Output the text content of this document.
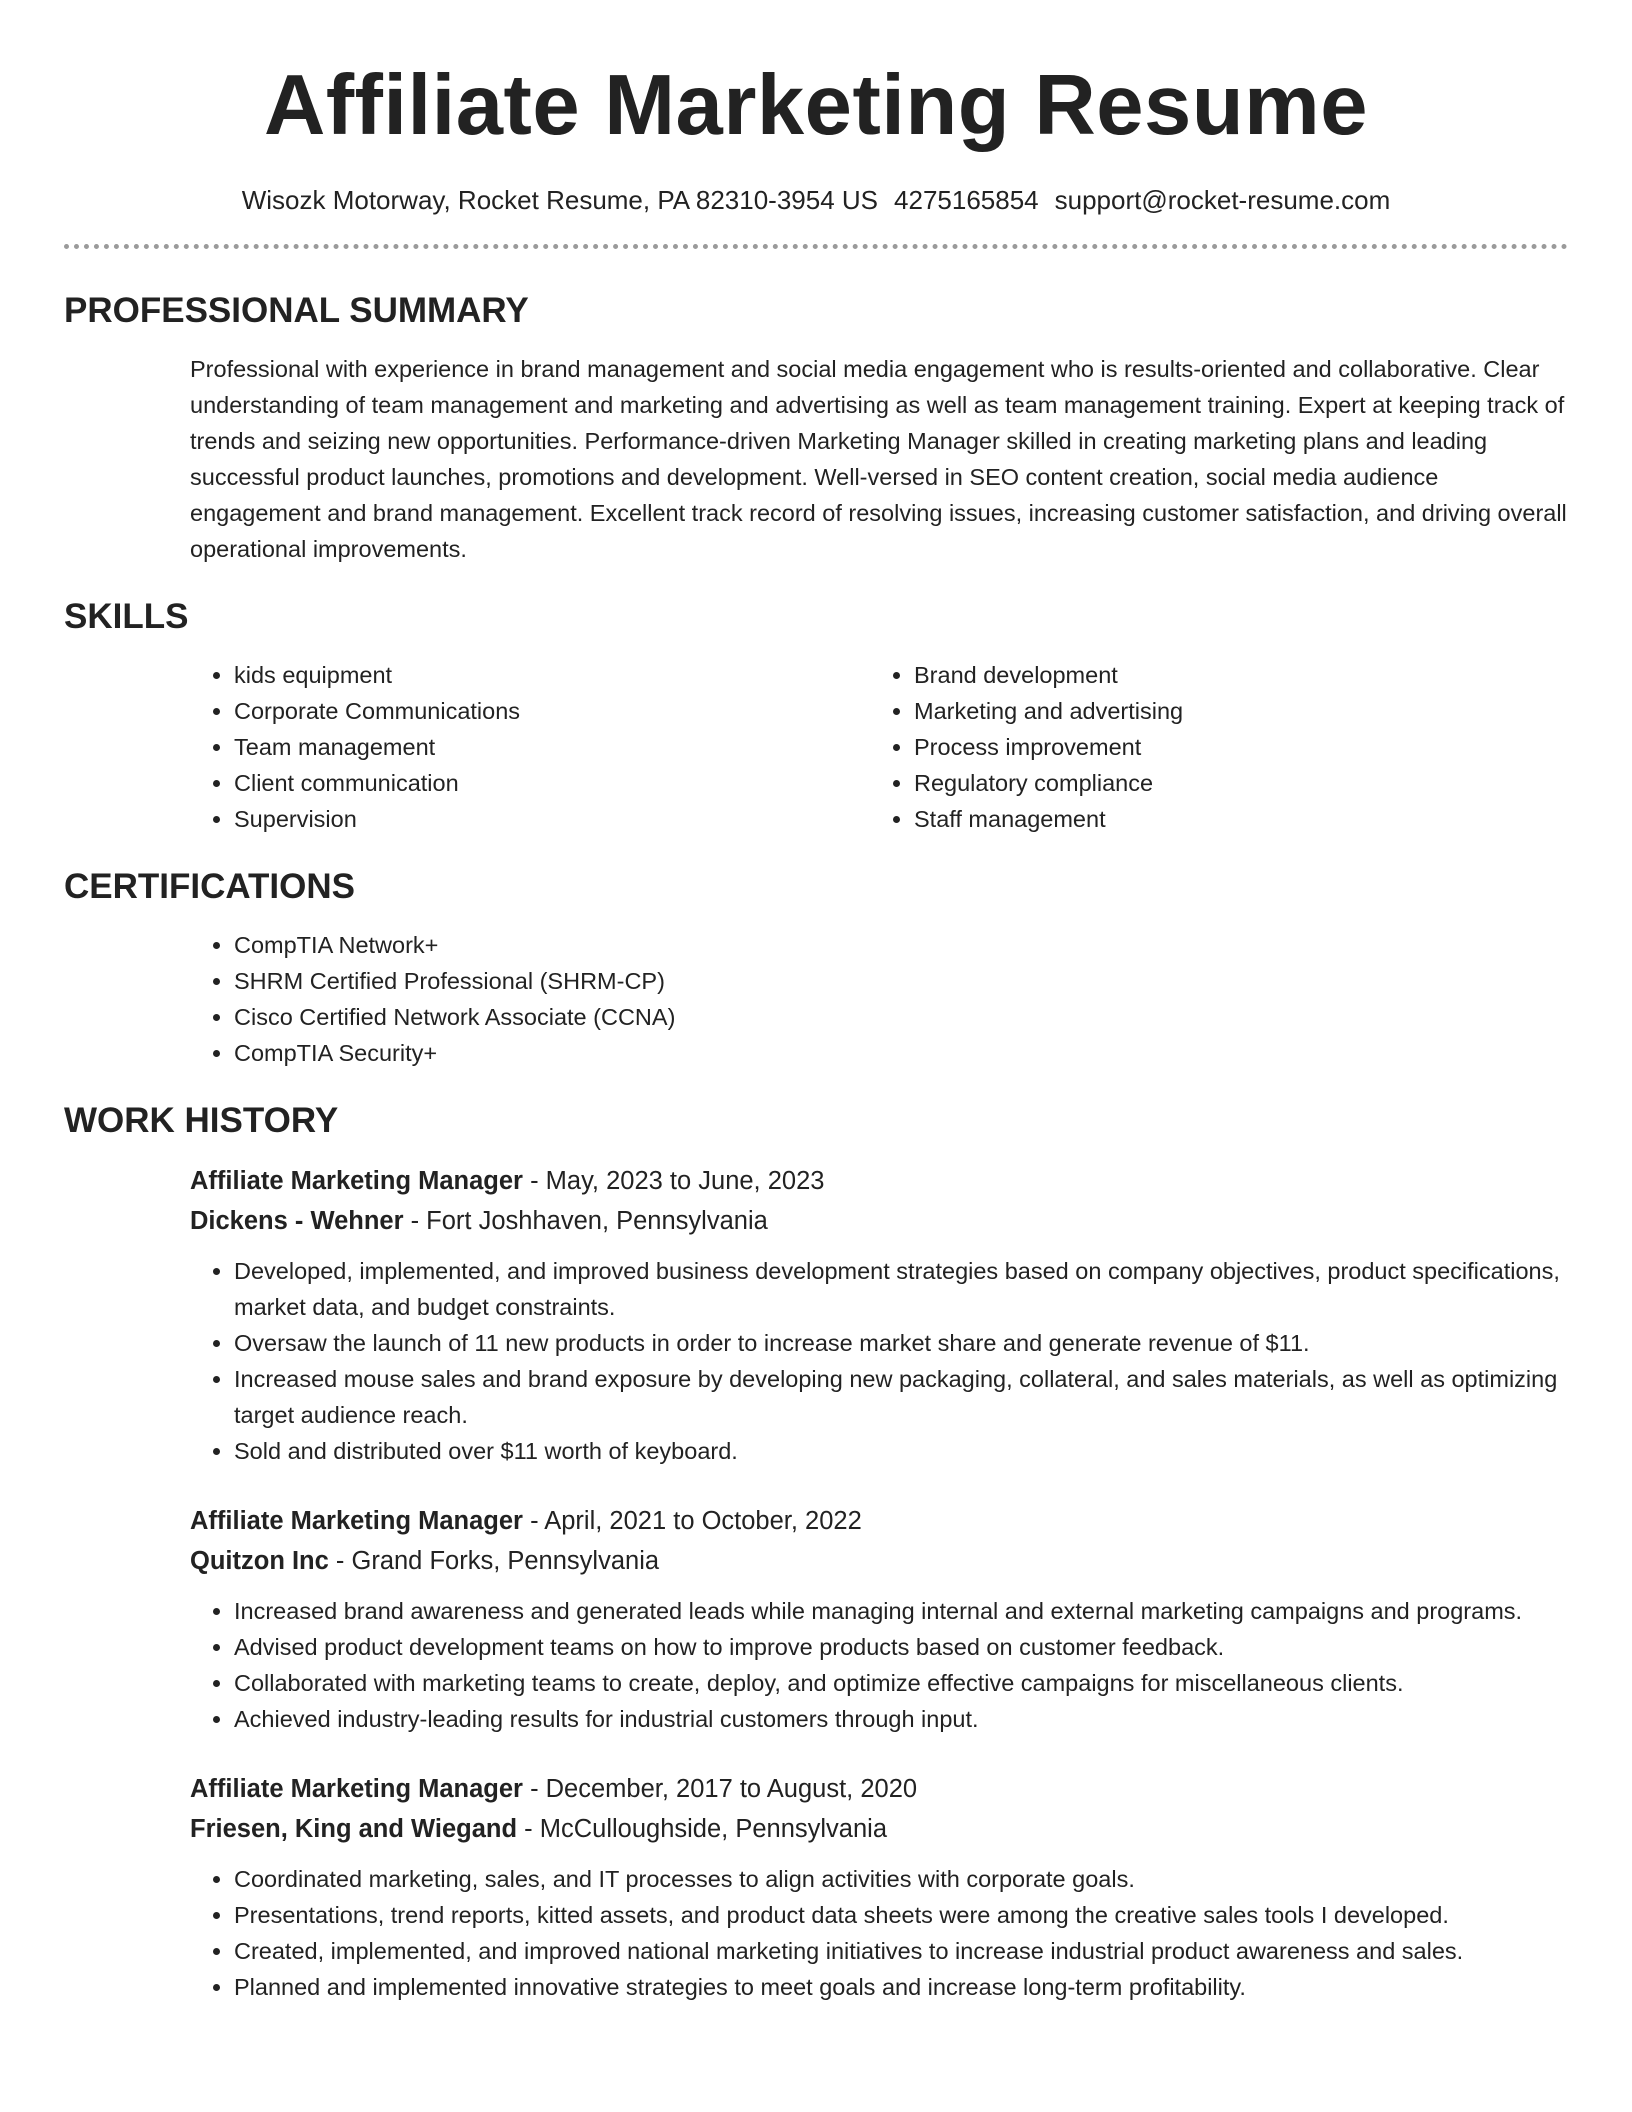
Affiliate Marketing Resume
Wisozk Motorway, Rocket Resume, PA 82310-3954 US 4275165854 support@rocket-resume.com
PROFESSIONAL SUMMARY

Professional with experience in brand management and social media engagement who is results-oriented and collaborative. Clear understanding of team management and marketing and advertising as well as team management training. Expert at keeping track of trends and seizing new opportunities. Performance-driven Marketing Manager skilled in creating marketing plans and leading successful product launches, promotions and development. Well-versed in SEO content creation, social media audience engagement and brand management. Excellent track record of resolving issues, increasing customer satisfaction, and driving overall operational improvements.

SKILLS
• kids equipment
• Corporate Communications
• Team management
• Client communication
• Supervision
• Brand development
• Marketing and advertising
• Process improvement
• Regulatory compliance
• Staff management
CERTIFICATIONS
• CompTIA Network+
• SHRM Certified Professional (SHRM-CP)
• Cisco Certified Network Associate (CCNA)
• CompTIA Security+
WORK HISTORY
Affiliate Marketing Manager - May, 2023 to June, 2023
Dickens - Wehner - Fort Joshhaven, Pennsylvania
• Developed, implemented, and improved business development strategies based on company objectives, product specifications, market data, and budget constraints.
• Oversaw the launch of 11 new products in order to increase market share and generate revenue of $11.
• Increased mouse sales and brand exposure by developing new packaging, collateral, and sales materials, as well as optimizing target audience reach.
• Sold and distributed over $11 worth of keyboard.
Affiliate Marketing Manager - April, 2021 to October, 2022
Quitzon Inc - Grand Forks, Pennsylvania
• Increased brand awareness and generated leads while managing internal and external marketing campaigns and programs.
• Advised product development teams on how to improve products based on customer feedback.
• Collaborated with marketing teams to create, deploy, and optimize effective campaigns for miscellaneous clients.
• Achieved industry-leading results for industrial customers through input.
Affiliate Marketing Manager - December, 2017 to August, 2020
Friesen, King and Wiegand - McCulloughside, Pennsylvania
• Coordinated marketing, sales, and IT processes to align activities with corporate goals.
• Presentations, trend reports, kitted assets, and product data sheets were among the creative sales tools I developed.
• Created, implemented, and improved national marketing initiatives to increase industrial product awareness and sales.
• Planned and implemented innovative strategies to meet goals and increase long-term profitability.
